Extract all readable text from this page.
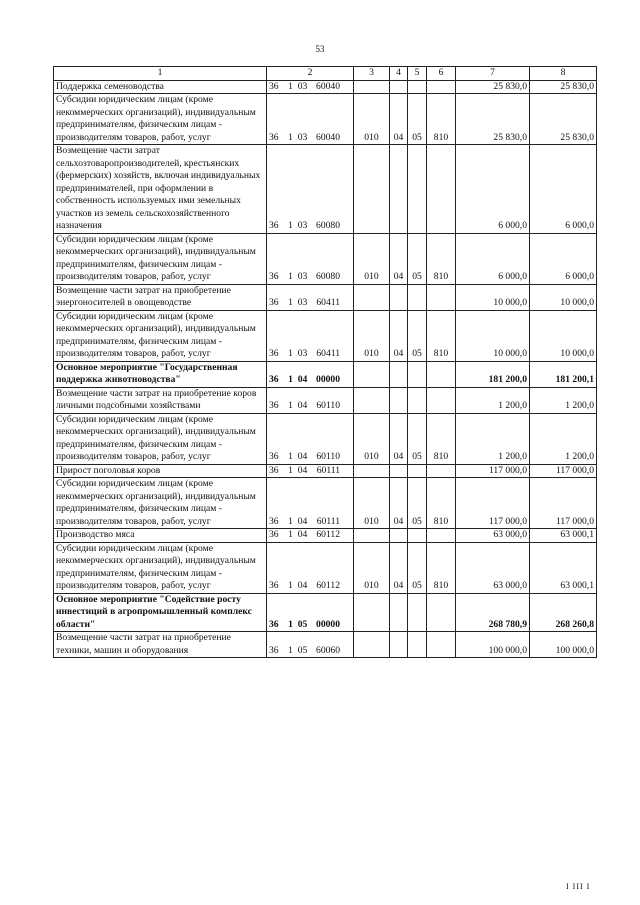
53
1	2	3	4	5	6	7	8
Поддержка семеноводства	36 1 03 60040					25 830,0	25 830,0
Субсидии юридическим лицам (кроме некоммерческих организаций), индивидуальным предпринимателям, физическим лицам - производителям товаров, работ, услуг	36 1 03 60040	010	04	05	810	25 830,0	25 830,0
Возмещение части затрат сельхозтоваропроизводителей, крестьянских (фермерских) хозяйств, включая индивидуальных предпринимателей, при оформлении в собственность используемых ими земельных участков из земель сельскохозяйственного назначения	36 1 03 60080					6 000,0	6 000,0
Субсидии юридическим лицам (кроме некоммерческих организаций), индивидуальным предпринимателям, физическим лицам - производителям товаров, работ, услуг	36 1 03 60080	010	04	05	810	6 000,0	6 000,0
Возмещение части затрат на приобретение энергоносителей в овощеводстве	36 1 03 60411					10 000,0	10 000,0
Субсидии юридическим лицам (кроме некоммерческих организаций), индивидуальным предпринимателям, физическим лицам - производителям товаров, работ, услуг	36 1 03 60411	010	04	05	810	10 000,0	10 000,0
Основное мероприятие "Государственная поддержка животноводства"	36 1 04 00000					181 200,0	181 200,1
Возмещение части затрат на приобретение коров личными подсобными хозяйствами	36 1 04 60110					1 200,0	1 200,0
Субсидии юридическим лицам (кроме некоммерческих организаций), индивидуальным предпринимателям, физическим лицам - производителям товаров, работ, услуг	36 1 04 60110	010	04	05	810	1 200,0	1 200,0
Прирост поголовья коров	36 1 04 60111					117 000,0	117 000,0
Субсидии юридическим лицам (кроме некоммерческих организаций), индивидуальным предпринимателям, физическим лицам - производителям товаров, работ, услуг	36 1 04 60111	010	04	05	810	117 000,0	117 000,0
Производство мяса	36 1 04 60112					63 000,0	63 000,1
Субсидии юридическим лицам (кроме некоммерческих организаций), индивидуальным предпринимателям, физическим лицам - производителям товаров, работ, услуг	36 1 04 60112	010	04	05	810	63 000,0	63 000,1
Основное мероприятие "Содействие росту инвестиций в агропромышленный комплекс области"	36 1 05 00000					268 780,9	268 260,8
Возмещение части затрат на приобретение техники, машин и оборудования	36 1 05 60060					100 000,0	100 000,0
I III I
